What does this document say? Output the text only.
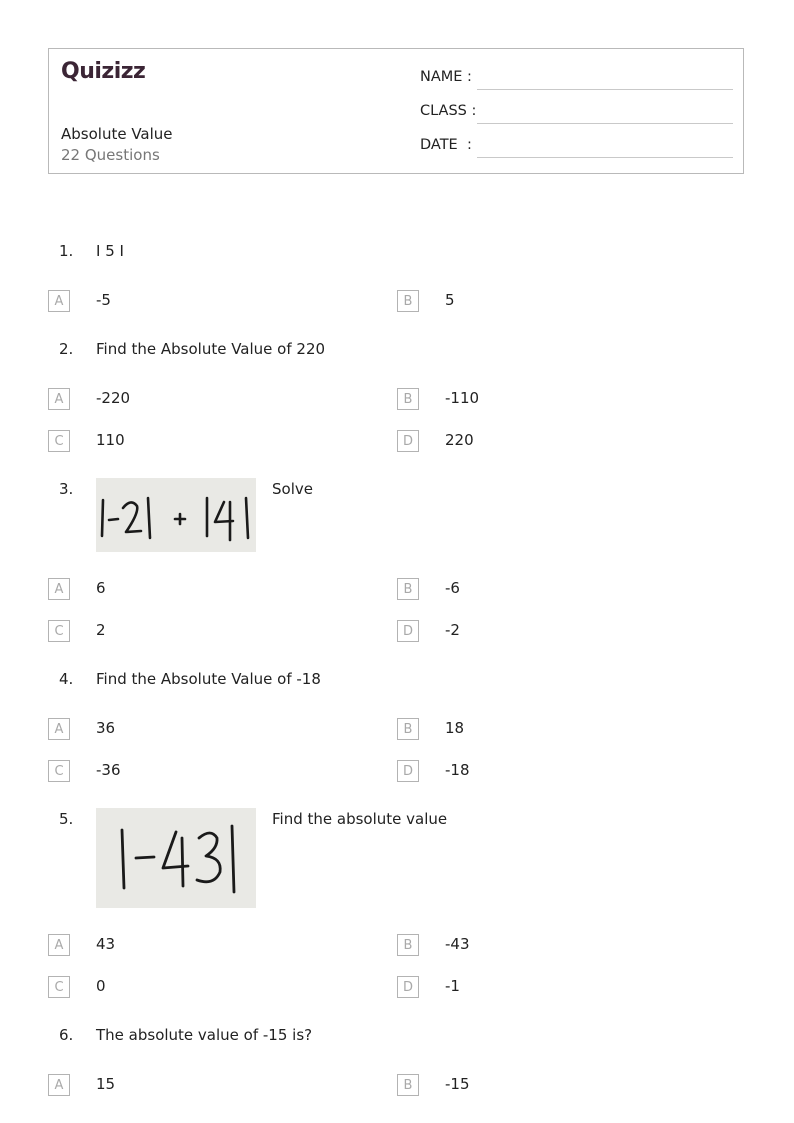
Quizizz
Absolute Value
22 Questions
NAME :
CLASS :
DATE  :
1. I 5 I
A	-5	B	5
2. Find the Absolute Value of 220
A	-220	B	-110
C	110	D	220
3.	Solve
A	6	B	-6
C	2	D	-2
4. Find the Absolute Value of -18
A	36	B	18
C	-36	D	-18
5.	Find the absolute value
A	43	B	-43
C	0	D	-1
6. The absolute value of -15 is?
A	15	B	-15
